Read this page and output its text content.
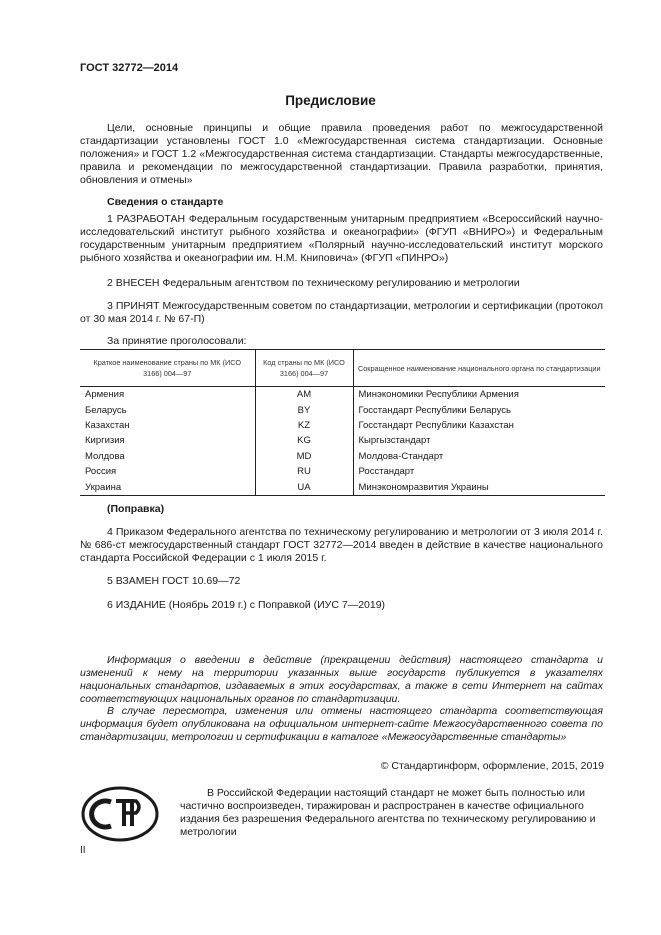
ГОСТ 32772—2014
Предисловие
Цели, основные принципы и общие правила проведения работ по межгосударственной стандартизации установлены ГОСТ 1.0 «Межгосударственная система стандартизации. Основные положения» и ГОСТ 1.2 «Межгосударственная система стандартизации. Стандарты межгосударственные, правила и рекомендации по межгосударственной стандартизации. Правила разработки, принятия, обновления и отмены»
Сведения о стандарте
1 РАЗРАБОТАН Федеральным государственным унитарным предприятием «Всероссийский научно-исследовательский институт рыбного хозяйства и океанографии» (ФГУП «ВНИРО») и Федеральным государственным унитарным предприятием «Полярный научно-исследовательский институт морского рыбного хозяйства и океанографии им. Н.М. Книповича» (ФГУП «ПИНРО»)
2 ВНЕСЕН Федеральным агентством по техническому регулированию и метрологии
3 ПРИНЯТ Межгосударственным советом по стандартизации, метрологии и сертификации (протокол от 30 мая 2014 г. № 67-П)
За принятие проголосовали:
Краткое наименование страны по МК (ИСО 3166) 004—97	Код страны по МК (ИСО 3166) 004—97	Сокращенное наименование национального органа по стандартизации
Армения	AM	Минэкономики Республики Армения
Беларусь	BY	Госстандарт Республики Беларусь
Казахстан	KZ	Госстандарт Республики Казахстан
Киргизия	KG	Кыргызстандарт
Молдова	MD	Молдова-Стандарт
Россия	RU	Росстандарт
Украина	UA	Минэкономразвития Украины
(Поправка)
4 Приказом Федерального агентства по техническому регулированию и метрологии от 3 июля 2014 г. № 686-ст межгосударственный стандарт ГОСТ 32772—2014 введен в действие в качестве национального стандарта Российской Федерации с 1 июля 2015 г.
5 ВЗАМЕН ГОСТ 10.69—72
6 ИЗДАНИЕ (Ноябрь 2019 г.) с Поправкой (ИУС 7—2019)
Информация о введении в действие (прекращении действия) настоящего стандарта и изменений к нему на территории указанных выше государств публикуется в указателях национальных стандартов, издаваемых в этих государствах, а также в сети Интернет на сайтах соответствующих национальных органов по стандартизации.
В случае пересмотра, изменения или отмены настоящего стандарта соответствующая информация будет опубликована на официальном интернет-сайте Межгосударственного совета по стандартизации, метрологии и сертификации в каталоге «Межгосударственные стандарты»
© Стандартинформ, оформление, 2015, 2019
В Российской Федерации настоящий стандарт не может быть полностью или частично воспроизведен, тиражирован и распространен в качестве официального издания без разрешения Федерального агентства по техническому регулированию и метрологии
II
